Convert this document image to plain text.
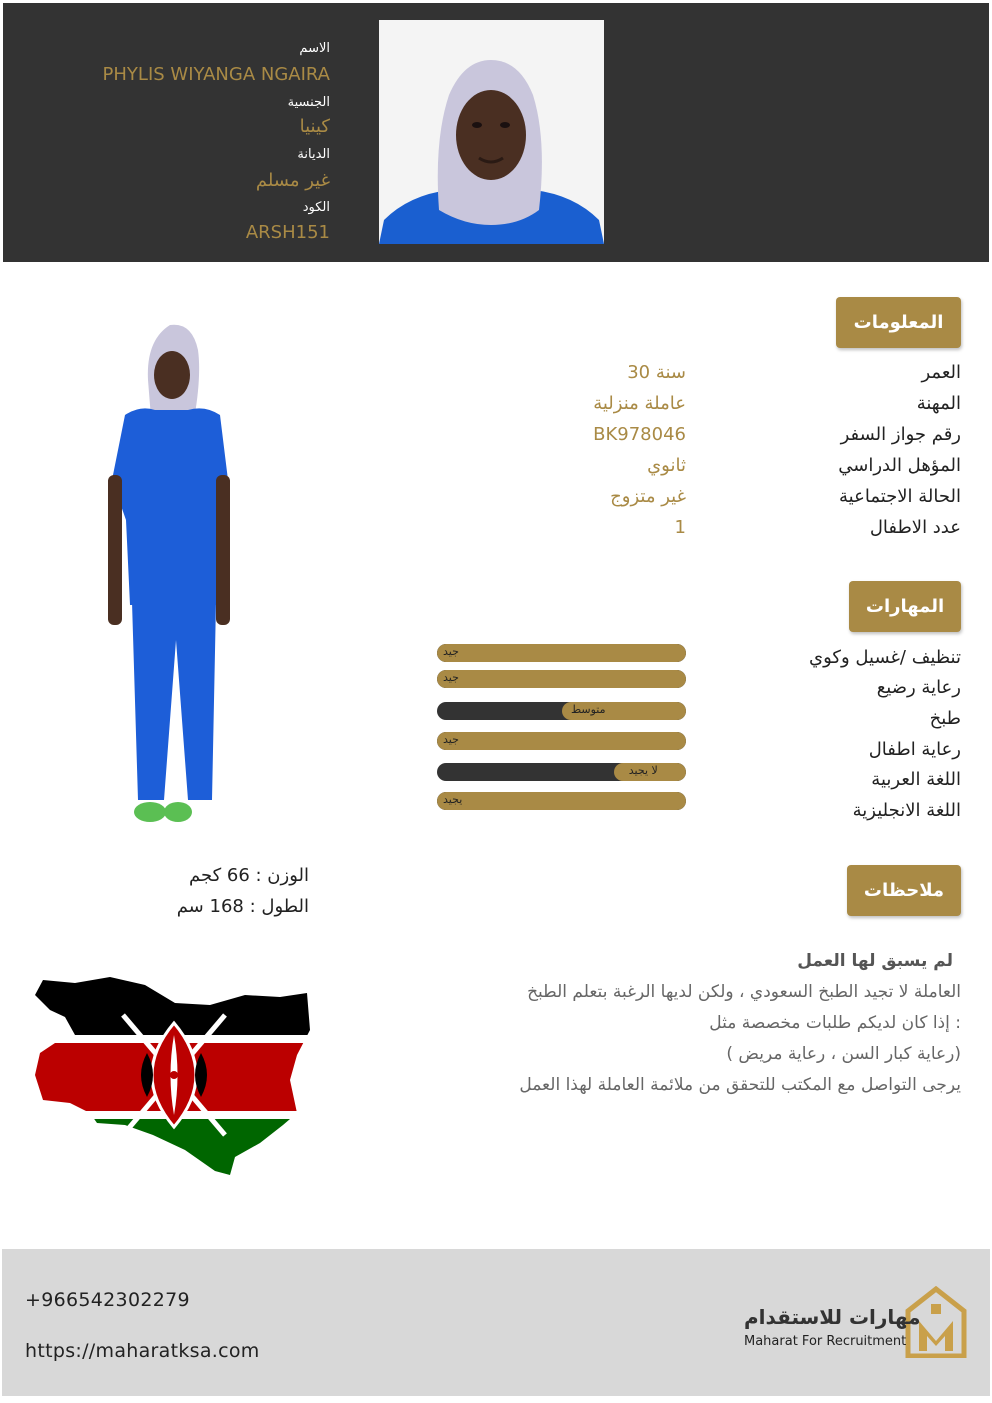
الاسم
PHYLIS WIYANGA NGAIRA
الجنسية
كينيا
الديانة
غير مسلم
الكود
ARSH151
المعلومات
العمر
30 سنة
المهنة
عاملة منزلية
رقم جواز السفر
BK978046
المؤهل الدراسي
ثانوي
الحالة الاجتماعية
غير متزوج
عدد الاطفال
1
المهارات
تنظيف /غسيل وكوي
جيد
رعاية رضيع
جيد
طبخ
متوسط
رعاية اطفال
جيد
اللغة العربية
لا يجيد
اللغة الانجليزية
يجيد
ملاحظات
لم يسبق لها العمل
العاملة لا تجيد الطبخ السعودي ، ولكن لديها الرغبة بتعلم الطبخ
إذا كان لديكم طلبات مخصصة مثل :
( رعاية كبار السن ، رعاية مريض)
يرجى التواصل مع المكتب للتحقق من ملائمة العاملة لهذا العمل
الوزن : 66 كجم
الطول : 168 سم
+966542302279
https://maharatksa.com
مهارات للاستقدام
Maharat For Recruitment
